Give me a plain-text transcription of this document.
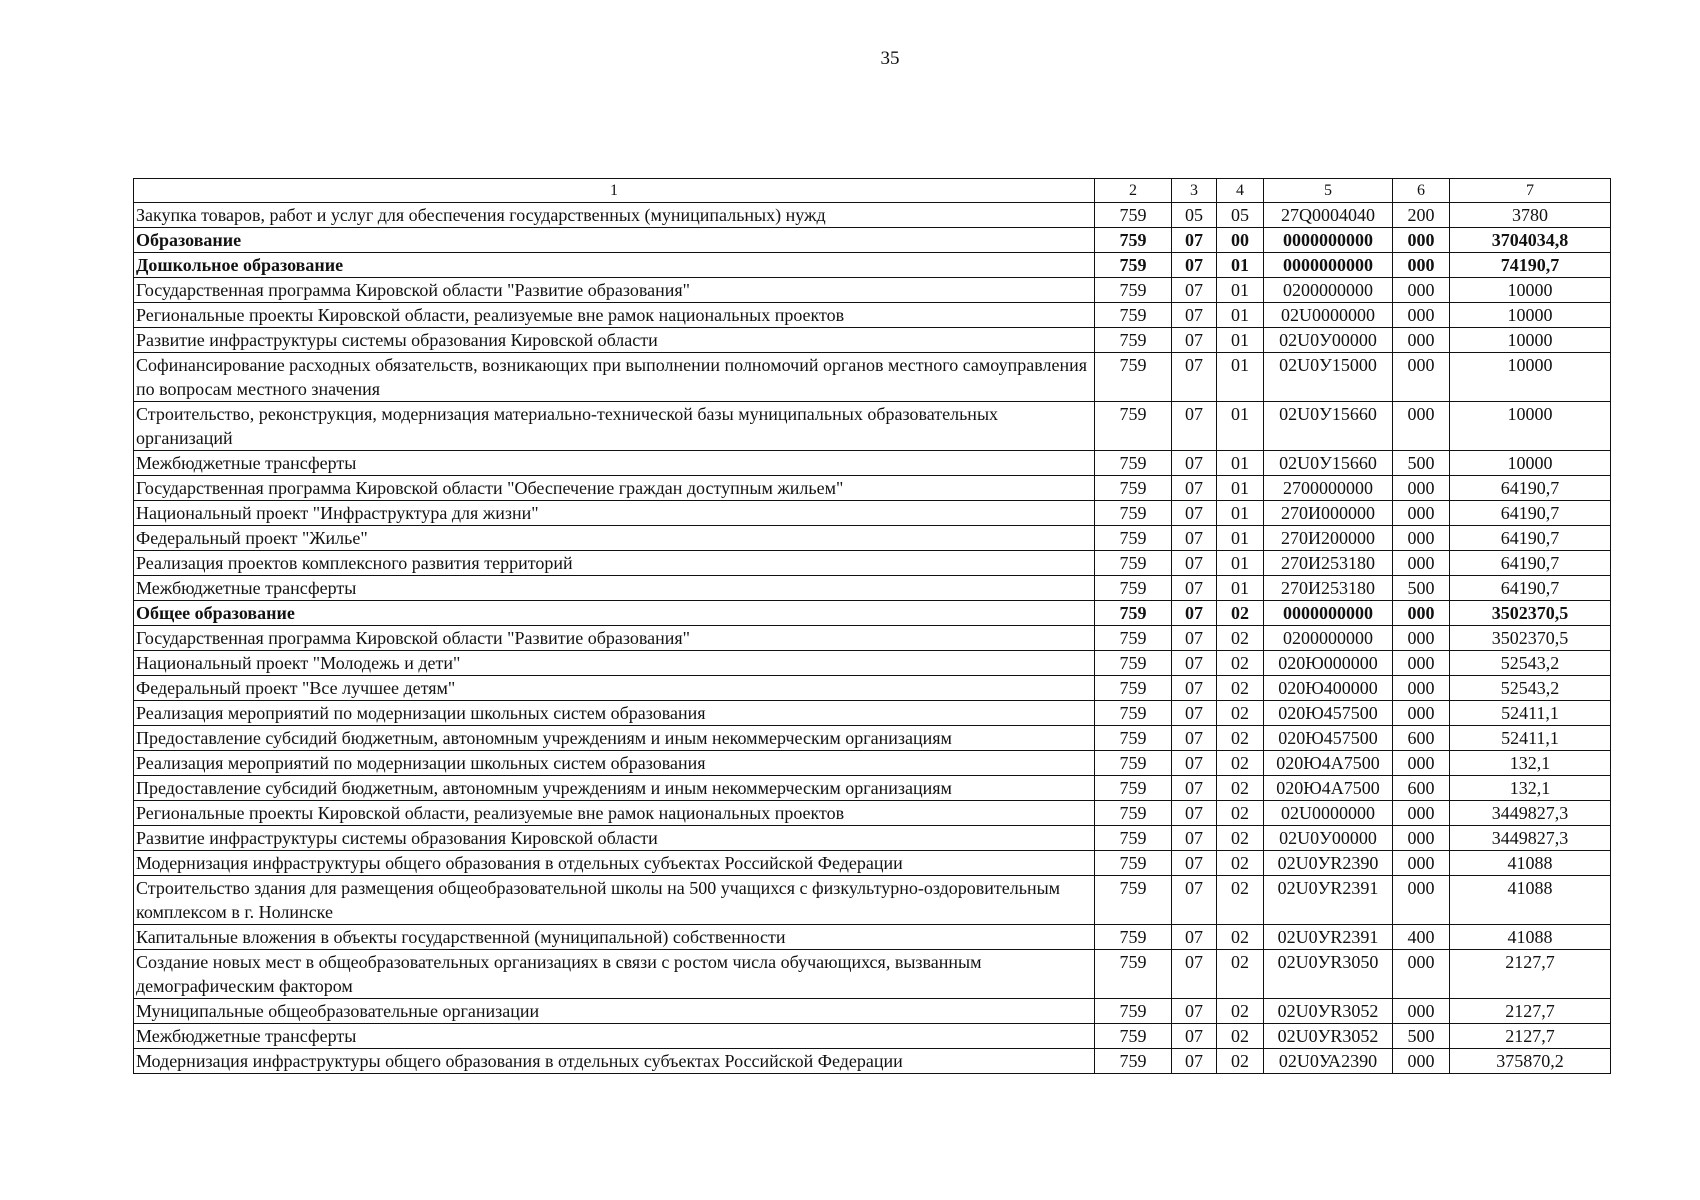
35
1	2	3	4	5	6	7
Закупка товаров, работ и услуг для обеспечения государственных (муниципальных) нужд	759	05	05	27Q0004040	200	3780
Образование	759	07	00	0000000000	000	3704034,8
Дошкольное образование	759	07	01	0000000000	000	74190,7
Государственная программа Кировской области "Развитие образования"	759	07	01	0200000000	000	10000
Региональные проекты Кировской области, реализуемые вне рамок национальных проектов	759	07	01	02U0000000	000	10000
Развитие инфраструктуры системы образования Кировской области	759	07	01	02U0У00000	000	10000
Софинансирование расходных обязательств, возникающих при выполнении полномочий органов местного самоуправления по вопросам местного значения	759	07	01	02U0У15000	000	10000
Строительство, реконструкция, модернизация материально-технической базы муниципальных образовательных организаций	759	07	01	02U0У15660	000	10000
Межбюджетные трансферты	759	07	01	02U0У15660	500	10000
Государственная программа Кировской области "Обеспечение граждан доступным жильем"	759	07	01	2700000000	000	64190,7
Национальный проект "Инфраструктура для жизни"	759	07	01	270И000000	000	64190,7
Федеральный проект "Жилье"	759	07	01	270И200000	000	64190,7
Реализация проектов комплексного развития территорий	759	07	01	270И253180	000	64190,7
Межбюджетные трансферты	759	07	01	270И253180	500	64190,7
Общее образование	759	07	02	0000000000	000	3502370,5
Государственная программа Кировской области "Развитие образования"	759	07	02	0200000000	000	3502370,5
Национальный проект "Молодежь и дети"	759	07	02	020Ю000000	000	52543,2
Федеральный проект "Все лучшее детям"	759	07	02	020Ю400000	000	52543,2
Реализация мероприятий по модернизации школьных систем образования	759	07	02	020Ю457500	000	52411,1
Предоставление субсидий бюджетным, автономным учреждениям и иным некоммерческим организациям	759	07	02	020Ю457500	600	52411,1
Реализация мероприятий по модернизации школьных систем образования	759	07	02	020Ю4А7500	000	132,1
Предоставление субсидий бюджетным, автономным учреждениям и иным некоммерческим организациям	759	07	02	020Ю4А7500	600	132,1
Региональные проекты Кировской области, реализуемые вне рамок национальных проектов	759	07	02	02U0000000	000	3449827,3
Развитие инфраструктуры системы образования Кировской области	759	07	02	02U0У00000	000	3449827,3
Модернизация инфраструктуры общего образования в отдельных субъектах Российской Федерации	759	07	02	02U0УR2390	000	41088
Строительство здания для размещения общеобразовательной школы на 500 учащихся с физкультурно-оздоровительным комплексом в г. Нолинске	759	07	02	02U0УR2391	000	41088
Капитальные вложения в объекты государственной (муниципальной) собственности	759	07	02	02U0УR2391	400	41088
Создание новых мест в общеобразовательных организациях в связи с ростом числа обучающихся, вызванным демографическим фактором	759	07	02	02U0УR3050	000	2127,7
Муниципальные общеобразовательные организации	759	07	02	02U0УR3052	000	2127,7
Межбюджетные трансферты	759	07	02	02U0УR3052	500	2127,7
Модернизация инфраструктуры общего образования в отдельных субъектах Российской Федерации	759	07	02	02U0УА2390	000	375870,2
